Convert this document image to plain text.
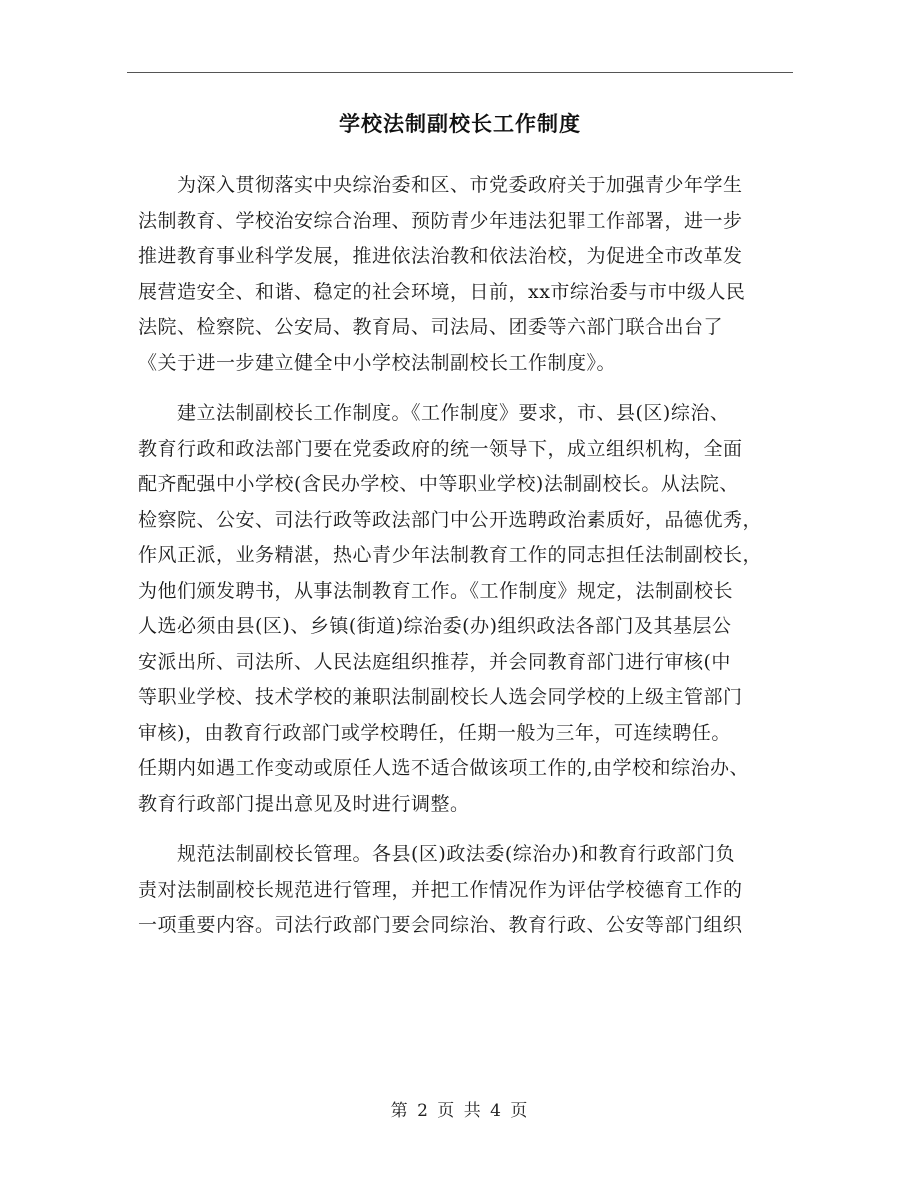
学校法制副校长工作制度

　　为深入贯彻落实中央综治委和区、市党委政府关于加强青少年学生
法制教育、学校治安综合治理、预防青少年违法犯罪工作部署，进一步
推进教育事业科学发展，推进依法治教和依法治校，为促进全市改革发
展营造安全、和谐、稳定的社会环境，日前，xx市综治委与市中级人民
法院、检察院、公安局、教育局、司法局、团委等六部门联合出台了
《关于进一步建立健全中小学校法制副校长工作制度》。

　　建立法制副校长工作制度。《工作制度》要求，市、县(区)综治、
教育行政和政法部门要在党委政府的统一领导下，成立组织机构，全面
配齐配强中小学校(含民办学校、中等职业学校)法制副校长。从法院、
检察院、公安、司法行政等政法部门中公开选聘政治素质好，品德优秀，
作风正派，业务精湛，热心青少年法制教育工作的同志担任法制副校长，
为他们颁发聘书，从事法制教育工作。《工作制度》规定，法制副校长
人选必须由县(区)、乡镇(街道)综治委(办)组织政法各部门及其基层公
安派出所、司法所、人民法庭组织推荐，并会同教育部门进行审核(中
等职业学校、技术学校的兼职法制副校长人选会同学校的上级主管部门
审核)，由教育行政部门或学校聘任，任期一般为三年，可连续聘任。
任期内如遇工作变动或原任人选不适合做该项工作的,由学校和综治办、
教育行政部门提出意见及时进行调整。

　　规范法制副校长管理。各县(区)政法委(综治办)和教育行政部门负
责对法制副校长规范进行管理，并把工作情况作为评估学校德育工作的
一项重要内容。司法行政部门要会同综治、教育行政、公安等部门组织

第 2 页 共 4 页
